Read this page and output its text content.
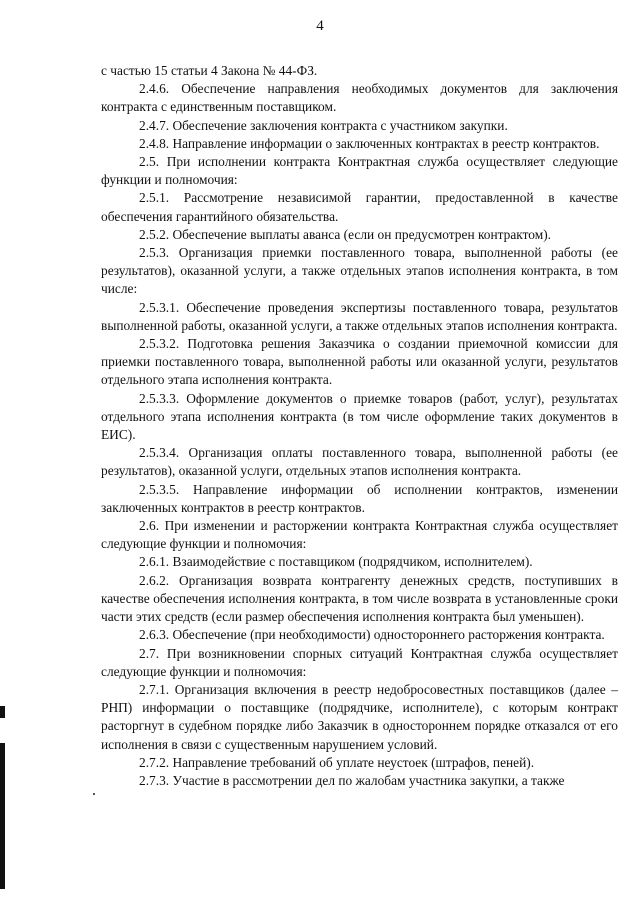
4

с частью 15 статьи 4 Закона № 44-ФЗ.

2.4.6. Обеспечение направления необходимых документов для заключения контракта с единственным поставщиком.

2.4.7. Обеспечение заключения контракта с участником закупки.

2.4.8. Направление информации о заключенных контрактах в реестр контрактов.

2.5. При исполнении контракта Контрактная служба осуществляет следующие функции и полномочия:

2.5.1. Рассмотрение независимой гарантии, предоставленной в качестве обеспечения гарантийного обязательства.

2.5.2. Обеспечение выплаты аванса (если он предусмотрен контрактом).

2.5.3. Организация приемки поставленного товара, выполненной работы (ее результатов), оказанной услуги, а также отдельных этапов исполнения контракта, в том числе:

2.5.3.1. Обеспечение проведения экспертизы поставленного товара, результатов выполненной работы, оказанной услуги, а также отдельных этапов исполнения контракта.

2.5.3.2. Подготовка решения Заказчика о создании приемочной комиссии для приемки поставленного товара, выполненной работы или оказанной услуги, результатов отдельного этапа исполнения контракта.

2.5.3.3. Оформление документов о приемке товаров (работ, услуг), результатах отдельного этапа исполнения контракта (в том числе оформление таких документов в ЕИС).

2.5.3.4. Организация оплаты поставленного товара, выполненной работы (ее результатов), оказанной услуги, отдельных этапов исполнения контракта.

2.5.3.5. Направление информации об исполнении контрактов, изменении заключенных контрактов в реестр контрактов.

2.6. При изменении и расторжении контракта Контрактная служба осуществляет следующие функции и полномочия:

2.6.1. Взаимодействие с поставщиком (подрядчиком, исполнителем).

2.6.2. Организация возврата контрагенту денежных средств, поступивших в качестве обеспечения исполнения контракта, в том числе возврата в установленные сроки части этих средств (если размер обеспечения исполнения контракта был уменьшен).

2.6.3. Обеспечение (при необходимости) одностороннего расторжения контракта.

2.7. При возникновении спорных ситуаций Контрактная служба осуществляет следующие функции и полномочия:

2.7.1. Организация включения в реестр недобросовестных поставщиков (далее – РНП) информации о поставщике (подрядчике, исполнителе), с которым контракт расторгнут в судебном порядке либо Заказчик в одностороннем порядке отказался от его исполнения в связи с существенным нарушением условий.

2.7.2. Направление требований об уплате неустоек (штрафов, пеней).

2.7.3. Участие в рассмотрении дел по жалобам участника закупки, а также
